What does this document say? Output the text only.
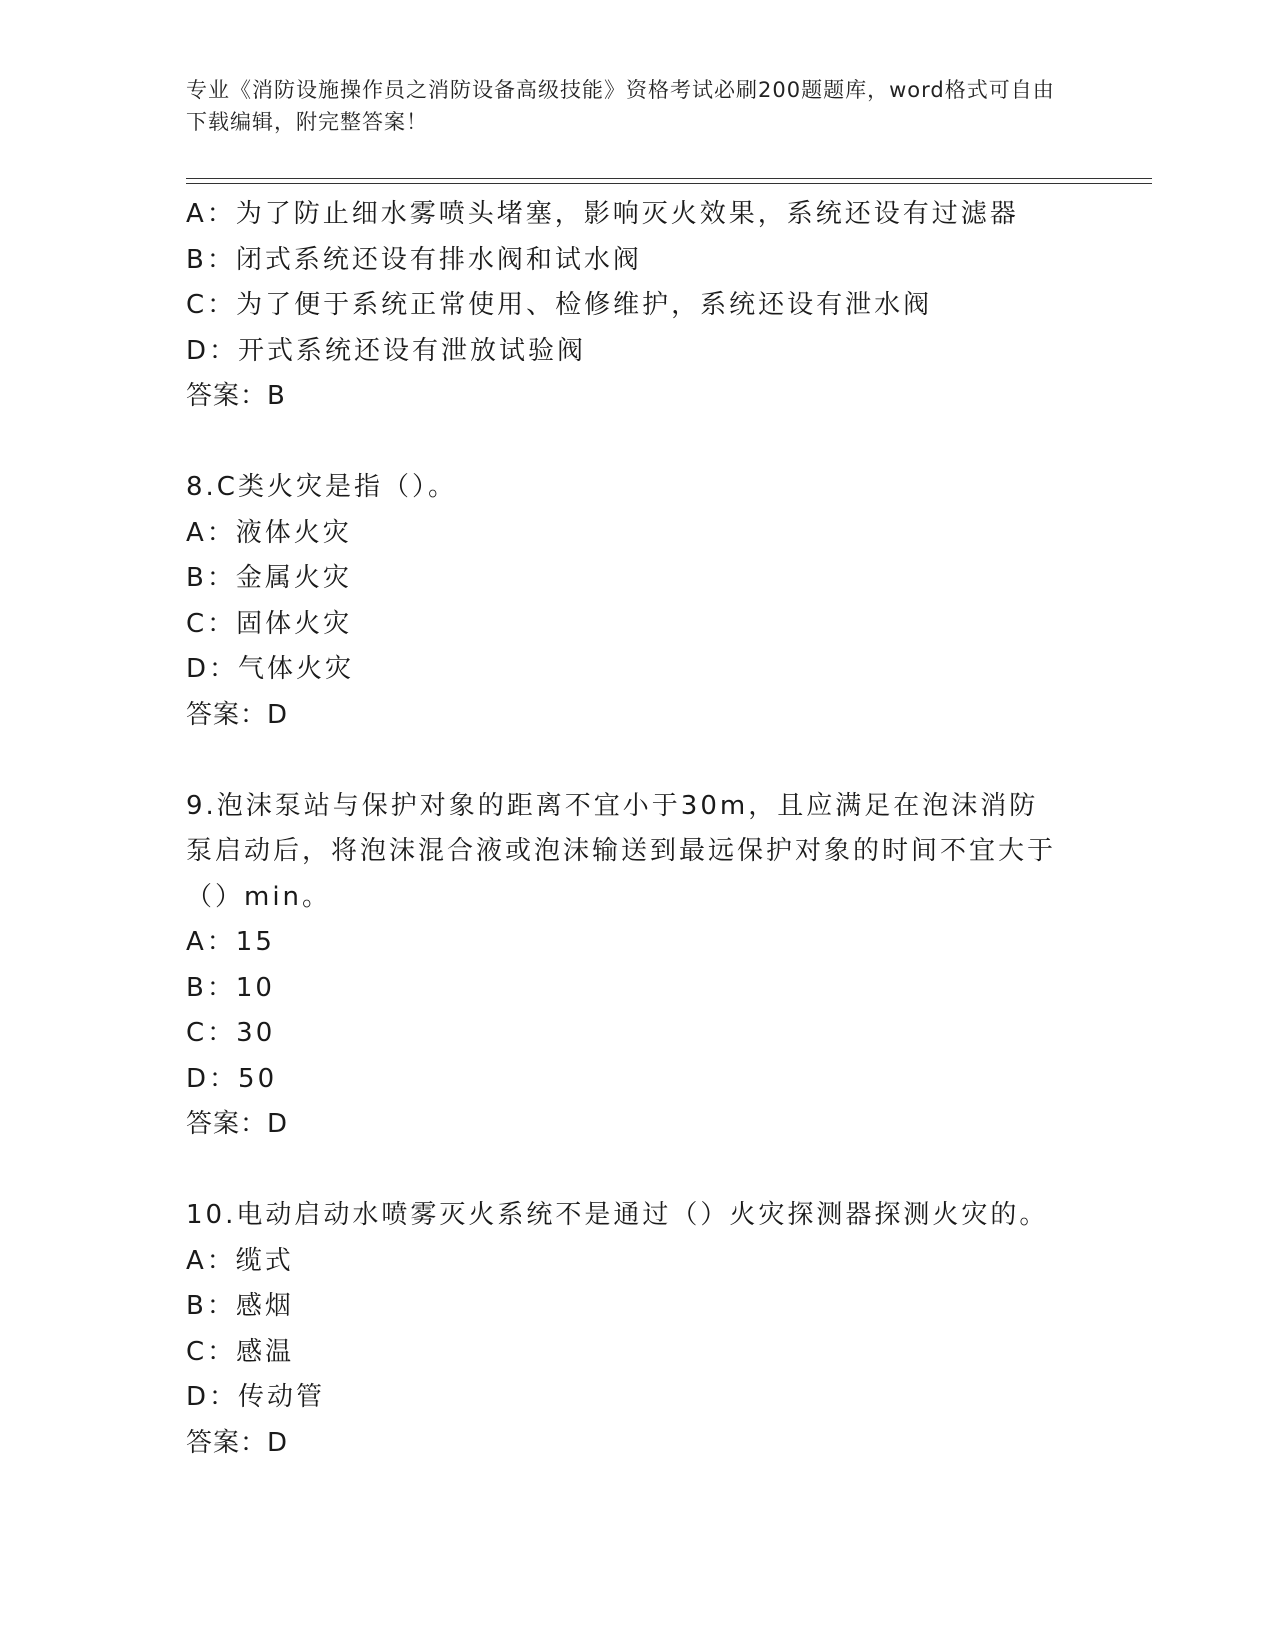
专业《消防设施操作员之消防设备高级技能》资格考试必刷200题题库，word格式可自由下载编辑，附完整答案！
A：为了防止细水雾喷头堵塞，影响灭火效果，系统还设有过滤器
B：闭式系统还设有排水阀和试水阀
C：为了便于系统正常使用、检修维护，系统还设有泄水阀
D：开式系统还设有泄放试验阀
答案：B
8.C类火灾是指（）。
A：液体火灾
B：金属火灾
C：固体火灾
D：气体火灾
答案：D
9.泡沫泵站与保护对象的距离不宜小于30m，且应满足在泡沫消防泵启动后，将泡沫混合液或泡沫输送到最远保护对象的时间不宜大于（）min。
A：15
B：10
C：30
D：50
答案：D
10.电动启动水喷雾灭火系统不是通过（）火灾探测器探测火灾的。
A：缆式
B：感烟
C：感温
D：传动管
答案：D
